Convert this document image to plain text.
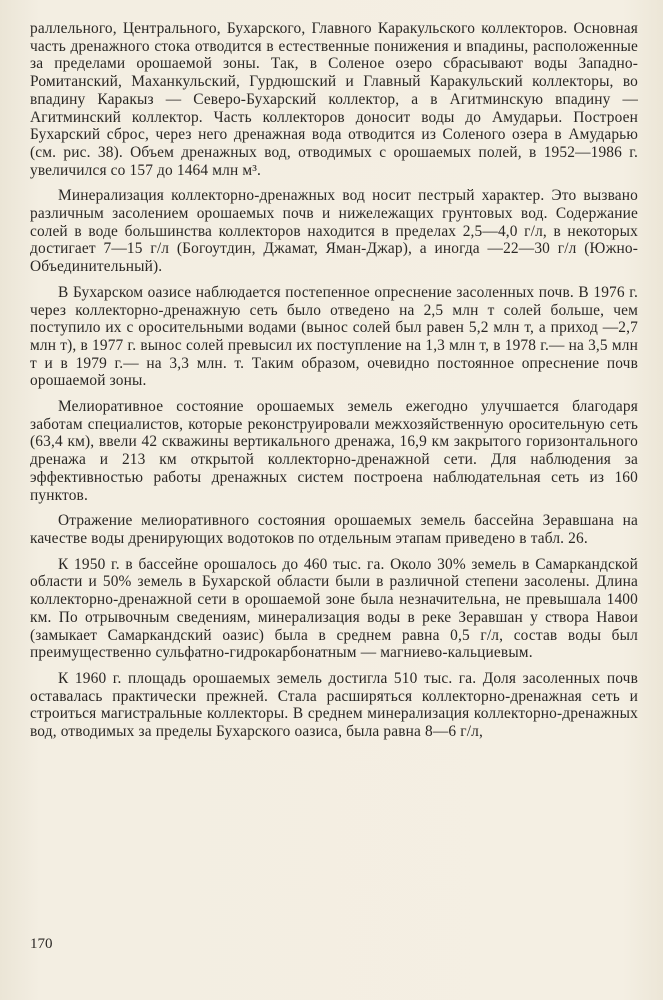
раллельного, Центрального, Бухарского, Главного Каракульского коллекторов. Основная часть дренажного стока отводится в естественные понижения и впадины, расположенные за пределами орошаемой зоны. Так, в Соленое озеро сбрасывают воды Западно-Ромитанский, Маханкульский, Гурдюшский и Главный Каракульский коллекторы, во впадину Каракыз — Северо-Бухарский коллектор, а в Агитминскую впадину — Агитминский коллектор. Часть коллекторов доносит воды до Амударьи. Построен Бухарский сброс, через него дренажная вода отводится из Соленого озера в Амударью (см. рис. 38). Объем дренажных вод, отводимых с орошаемых полей, в 1952—1986 г. увеличился со 157 до 1464 млн м³.

Минерализация коллекторно-дренажных вод носит пестрый характер. Это вызвано различным засолением орошаемых почв и нижележащих грунтовых вод. Содержание солей в воде большинства коллекторов находится в пределах 2,5—4,0 г/л, в некоторых достигает 7—15 г/л (Богоутдин, Джамат, Яман-Джар), а иногда —22—30 г/л (Южно-Объединительный).

В Бухарском оазисе наблюдается постепенное опреснение засоленных почв. В 1976 г. через коллекторно-дренажную сеть было отведено на 2,5 млн т солей больше, чем поступило их с оросительными водами (вынос солей был равен 5,2 млн т, а приход —2,7 млн т), в 1977 г. вынос солей превысил их поступление на 1,3 млн т, в 1978 г.— на 3,5 млн т и в 1979 г.— на 3,3 млн. т. Таким образом, очевидно постоянное опреснение почв орошаемой зоны.

Мелиоративное состояние орошаемых земель ежегодно улучшается благодаря заботам специалистов, которые реконструировали межхозяйственную оросительную сеть (63,4 км), ввели 42 скважины вертикального дренажа, 16,9 км закрытого горизонтального дренажа и 213 км открытой коллекторно-дренажной сети. Для наблюдения за эффективностью работы дренажных систем построена наблюдательная сеть из 160 пунктов.

Отражение мелиоративного состояния орошаемых земель бассейна Зеравшана на качестве воды дренирующих водотоков по отдельным этапам приведено в табл. 26.

К 1950 г. в бассейне орошалось до 460 тыс. га. Около 30% земель в Самаркандской области и 50% земель в Бухарской области были в различной степени засолены. Длина коллекторно-дренажной сети в орошаемой зоне была незначительна, не превышала 1400 км. По отрывочным сведениям, минерализация воды в реке Зеравшан у створа Навои (замыкает Самаркандский оазис) была в среднем равна 0,5 г/л, состав воды был преимущественно сульфатно-гидрокарбонатным — магниево-кальциевым.

К 1960 г. площадь орошаемых земель достигла 510 тыс. га. Доля засоленных почв оставалась практически прежней. Стала расширяться коллекторно-дренажная сеть и строиться магистральные коллекторы. В среднем минерализация коллекторно-дренажных вод, отводимых за пределы Бухарского оазиса, была равна 8—6 г/л,

170
